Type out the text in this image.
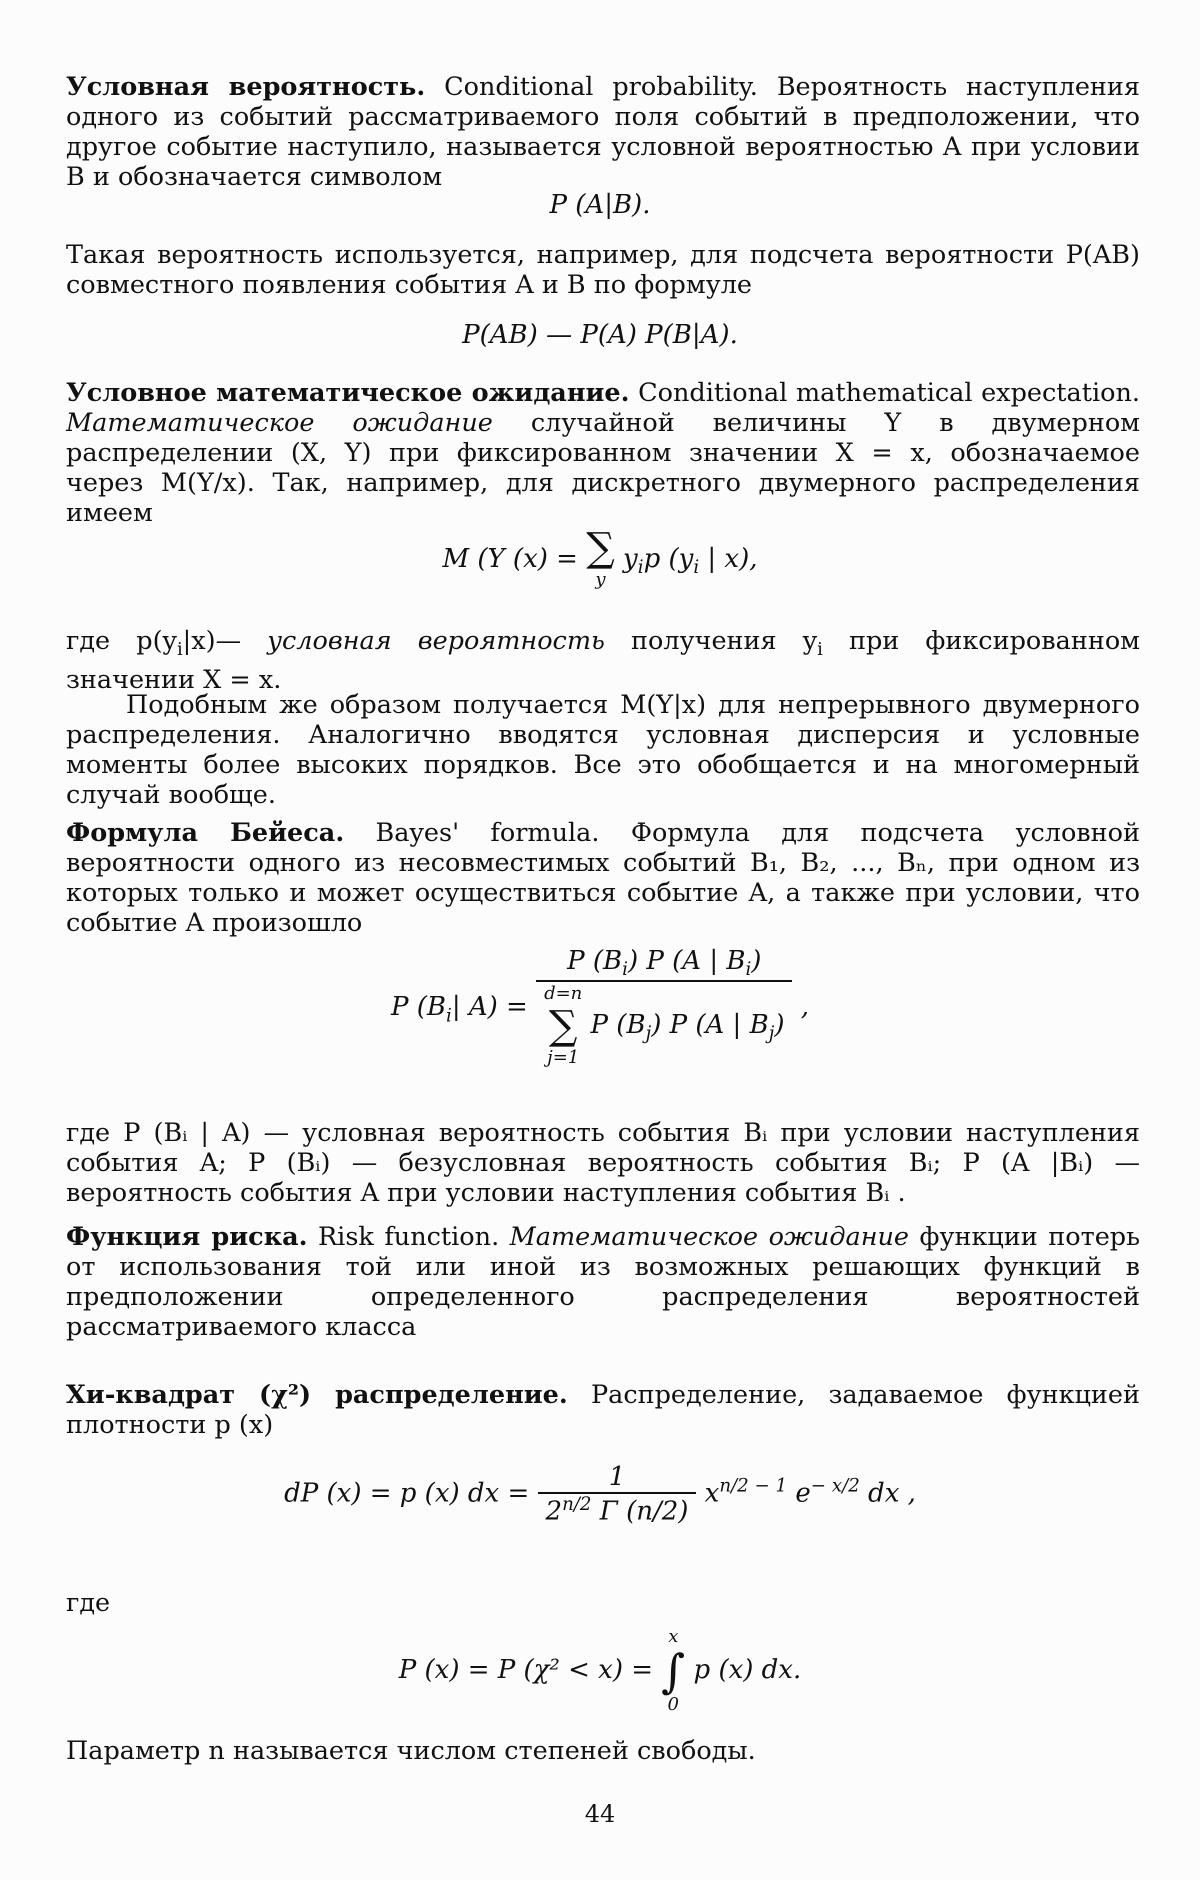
Условная вероятность. Conditional probability. Вероятность наступления одного из событий рассматриваемого поля событий в предположении, что другое событие наступило, называется условной вероятностью A при условии B и обозначается символом
P (A|B).
Такая вероятность используется, например, для подсчета вероятности P(AB) совместного появления события A и B по формуле
P(AB) — P(A) P(B|A).
Условное математическое ожидание. Conditional mathematical expectation. Математическое ожидание случайной величины Y в двумерном распределении (X, Y) при фиксированном значении X = x, обозначаемое через M(Y/x). Так, например, для дискретного двумерного распределения имеем
M (Y (x) = ∑
y
yip (yi | x),
где p(yi|x)— условная вероятность получения yi при фиксированном значении X = x.
Подобным же образом получается M(Y|x) для непрерывного двумерного распределения. Аналогично вводятся условная дисперсия и условные моменты более высоких порядков. Все это обобщается и на многомерный случай вообще.
Формула Бейеса. Bayes' formula. Формула для подсчета условной вероятности одного из несовместимых событий B₁, B₂, ..., Bₙ, при одном из которых только и может осуществиться событие A, а также при условии, что событие A произошло
P (Bi| A) =
P (Bi) P (A | Bi)
d=n
∑
j=1
P (Bj) P (A | Bj)
,
где P (Bᵢ | A) — условная вероятность события Bᵢ при условии наступления события A; P (Bᵢ) — безусловная вероятность события Bᵢ; P (A |Bᵢ) — вероятность события A при условии наступления события Bᵢ .
Функция риска. Risk function. Математическое ожидание функции потерь от использования той или иной из возможных решающих функций в предположении определенного распределения вероятностей рассматриваемого класса
Хи-квадрат (χ²) распределение. Распределение, задаваемое функцией плотности p (x)
dP (x) = p (x) dx =
1
2n/2 Γ (n/2)
xn/2 − 1 e− x/2 dx ,
где
P (x) = P (χ² < x) =
x
∫
0
p (x) dx.
Параметр n называется числом степеней свободы.
44
